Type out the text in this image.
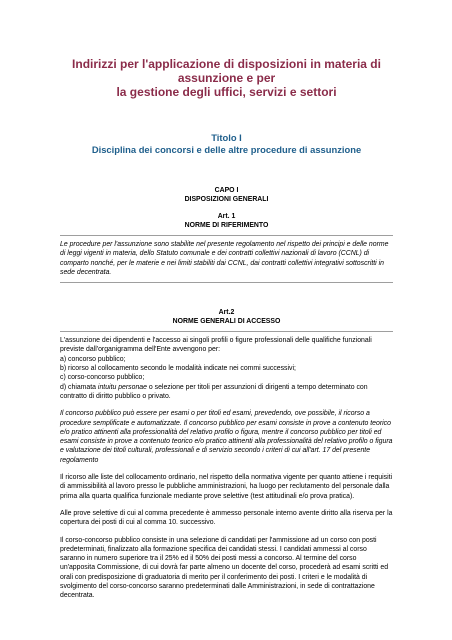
Indirizzi per l'applicazione di disposizioni in materia di assunzione e per
la gestione degli uffici, servizi e settori
Titolo I
Disciplina dei concorsi e delle altre procedure di assunzione
CAPO I
DISPOSIZIONI GENERALI
Art. 1
NORME DI RIFERIMENTO

Le procedure per l'assunzione sono stabilite nel presente regolamento nel rispetto dei principi e delle norme di leggi vigenti in materia, dello Statuto comunale e dei contratti collettivi nazionali di lavoro (CCNL) di comparto nonché, per le materie e nei limiti stabiliti dai CCNL, dai contratti collettivi integrativi sottoscritti in sede decentrata.

Art.2
NORME GENERALI DI ACCESSO

L'assunzione dei dipendenti e l'accesso ai singoli profili o figure professionali delle qualifiche funzionali previste dall'organigramma dell'Ente avvengono per:

a) concorso pubblico;
b) ricorso al collocamento secondo le modalità indicate nei commi successivi;
c) corso-concorso pubblico;
d) chiamata intuitu personae o selezione per titoli per assunzioni di dirigenti a tempo determinato con contratto di diritto pubblico o privato.

Il concorso pubblico può essere per esami o per titoli ed esami, prevedendo, ove possibile, il ricorso a procedure semplificate e automatizzate. Il concorso pubblico per esami consiste in prove a contenuto teorico e/o pratico attinenti alla professionalità del relativo profilo o figura, mentre il concorso pubblico per titoli ed esami consiste in prove a contenuto teorico e/o pratico attinenti alla professionalità del relativo profilo o figura e valutazione dei titoli culturali, professionali e di servizio secondo i criteri di cui all'art. 17 del presente regolamento

Il ricorso alle liste del collocamento ordinario, nel rispetto della normativa vigente per quanto attiene i requisiti di ammissibilità al lavoro presso le pubbliche amministrazioni, ha luogo per reclutamento del personale dalla prima alla quarta qualifica funzionale mediante prove selettive (test attitudinali e/o prova pratica).

Alle prove selettive di cui al comma precedente è ammesso personale interno avente diritto alla riserva per la copertura dei posti di cui al comma 10. successivo.

Il corso-concorso pubblico consiste in una selezione di candidati per l'ammissione ad un corso con posti predeterminati, finalizzato alla formazione specifica dei candidati stessi. I candidati ammessi al corso saranno in numero superiore tra il 25% ed il 50% dei posti messi a concorso. Al termine del corso un'apposita Commissione, di cui dovrà far parte almeno un docente del corso, procederà ad esami scritti ed orali con predisposizione di graduatoria di merito per il conferimento dei posti. I criteri e le modalità di svolgimento del corso-concorso saranno predeterminati dalle Amministrazioni, in sede di contrattazione decentrata.
